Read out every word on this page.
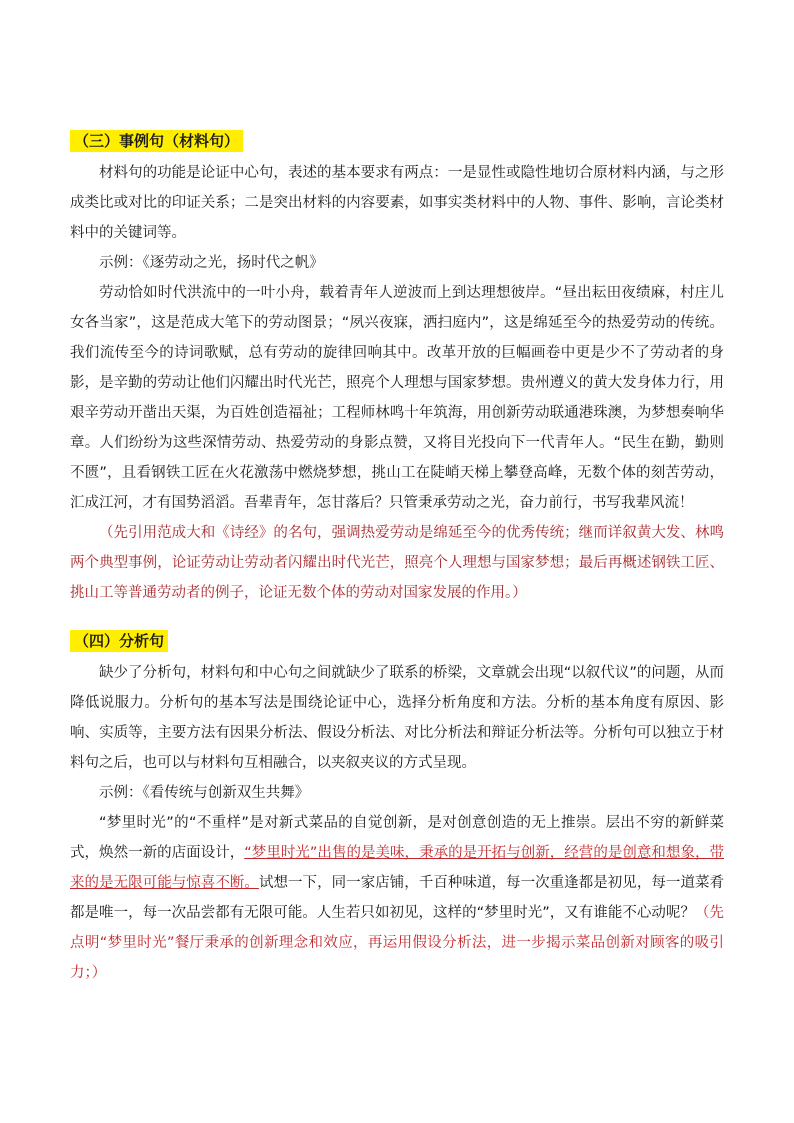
（三）事例句（材料句）

材料句的功能是论证中心句，表述的基本要求有两点：一是显性或隐性地切合原材料内涵，与之形成类比或对比的印证关系；二是突出材料的内容要素，如事实类材料中的人物、事件、影响，言论类材料中的关键词等。

示例：《逐劳动之光，扬时代之帆》

劳动恰如时代洪流中的一叶小舟，载着青年人逆波而上到达理想彼岸。“昼出耘田夜绩麻，村庄儿女各当家”，这是范成大笔下的劳动图景；“夙兴夜寐，洒扫庭内”，这是绵延至今的热爱劳动的传统。我们流传至今的诗词歌赋，总有劳动的旋律回响其中。改革开放的巨幅画卷中更是少不了劳动者的身影，是辛勤的劳动让他们闪耀出时代光芒，照亮个人理想与国家梦想。贵州遵义的黄大发身体力行，用艰辛劳动开凿出天渠，为百姓创造福祉；工程师林鸣十年筑海，用创新劳动联通港珠澳，为梦想奏响华章。人们纷纷为这些深情劳动、热爱劳动的身影点赞，又将目光投向下一代青年人。“民生在勤，勤则不匮”，且看钢铁工匠在火花激荡中燃烧梦想，挑山工在陡峭天梯上攀登高峰，无数个体的刻苦劳动，汇成江河，才有国势滔滔。吾辈青年，怎甘落后？只管秉承劳动之光，奋力前行，书写我辈风流！

（先引用范成大和《诗经》的名句，强调热爱劳动是绵延至今的优秀传统；继而详叙黄大发、林鸣两个典型事例，论证劳动让劳动者闪耀出时代光芒，照亮个人理想与国家梦想；最后再概述钢铁工匠、挑山工等普通劳动者的例子，论证无数个体的劳动对国家发展的作用。）

（四）分析句

缺少了分析句，材料句和中心句之间就缺少了联系的桥梁，文章就会出现“以叙代议”的问题，从而降低说服力。分析句的基本写法是围绕论证中心，选择分析角度和方法。分析的基本角度有原因、影响、实质等，主要方法有因果分析法、假设分析法、对比分析法和辩证分析法等。分析句可以独立于材料句之后，也可以与材料句互相融合，以夹叙夹议的方式呈现。

示例：《看传统与创新双生共舞》

“梦里时光”的“不重样”是对新式菜品的自觉创新，是对创意创造的无上推崇。层出不穷的新鲜菜式，焕然一新的店面设计，“梦里时光”出售的是美味，秉承的是开拓与创新，经营的是创意和想象，带来的是无限可能与惊喜不断。试想一下，同一家店铺，千百种味道，每一次重逢都是初见，每一道菜肴都是唯一，每一次品尝都有无限可能。人生若只如初见，这样的“梦里时光”，又有谁能不心动呢？（先点明“梦里时光”餐厅秉承的创新理念和效应，再运用假设分析法，进一步揭示菜品创新对顾客的吸引力；）
